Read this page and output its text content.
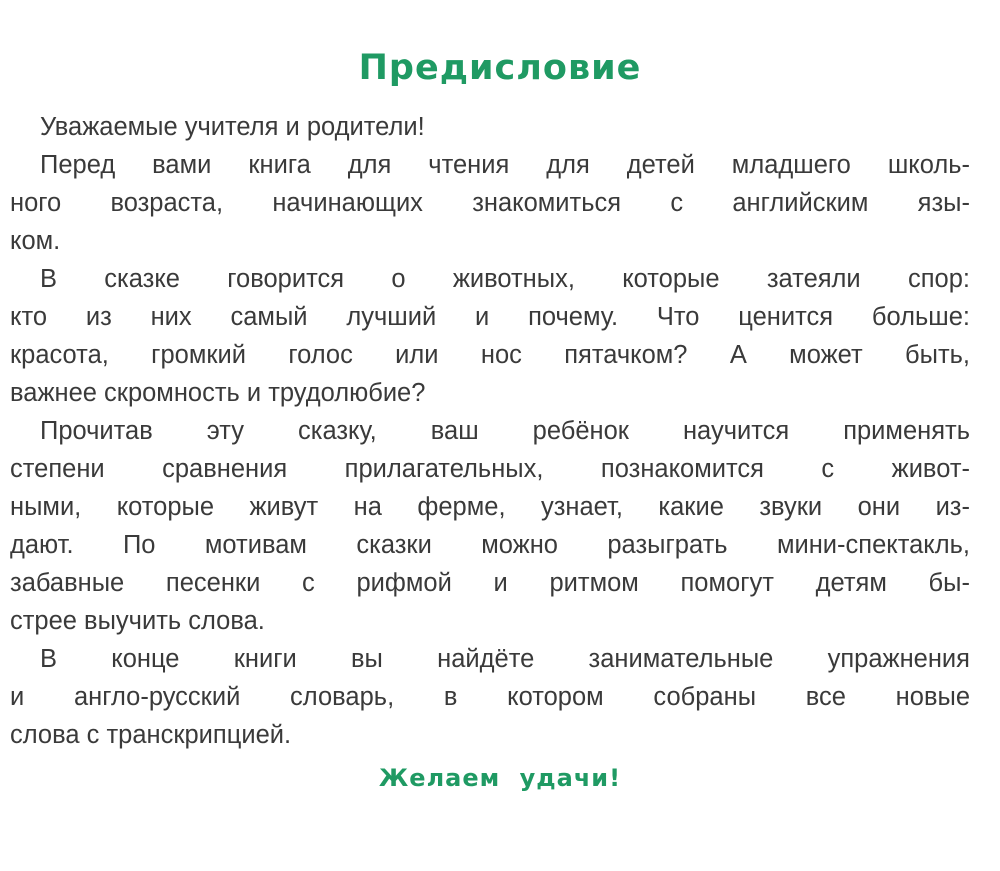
Предисловие
Уважаемые учителя и родители!
Перед вами книга для чтения для детей младшего школь-
ного возраста, начинающих знакомиться с английским язы-
ком.
В сказке говорится о животных, которые затеяли спор:
кто из них самый лучший и почему. Что ценится больше:
красота, громкий голос или нос пятачком? А может быть,
важнее скромность и трудолюбие?
Прочитав эту сказку, ваш ребёнок научится применять
степени сравнения прилагательных, познакомится с живот-
ными, которые живут на ферме, узнает, какие звуки они из-
дают. По мотивам сказки можно разыграть мини-спектакль,
забавные песенки с рифмой и ритмом помогут детям бы-
стрее выучить слова.
В конце книги вы найдёте занимательные упражнения
и англо-русский словарь, в котором собраны все новые
слова с транскрипцией.
Желаем удачи!
